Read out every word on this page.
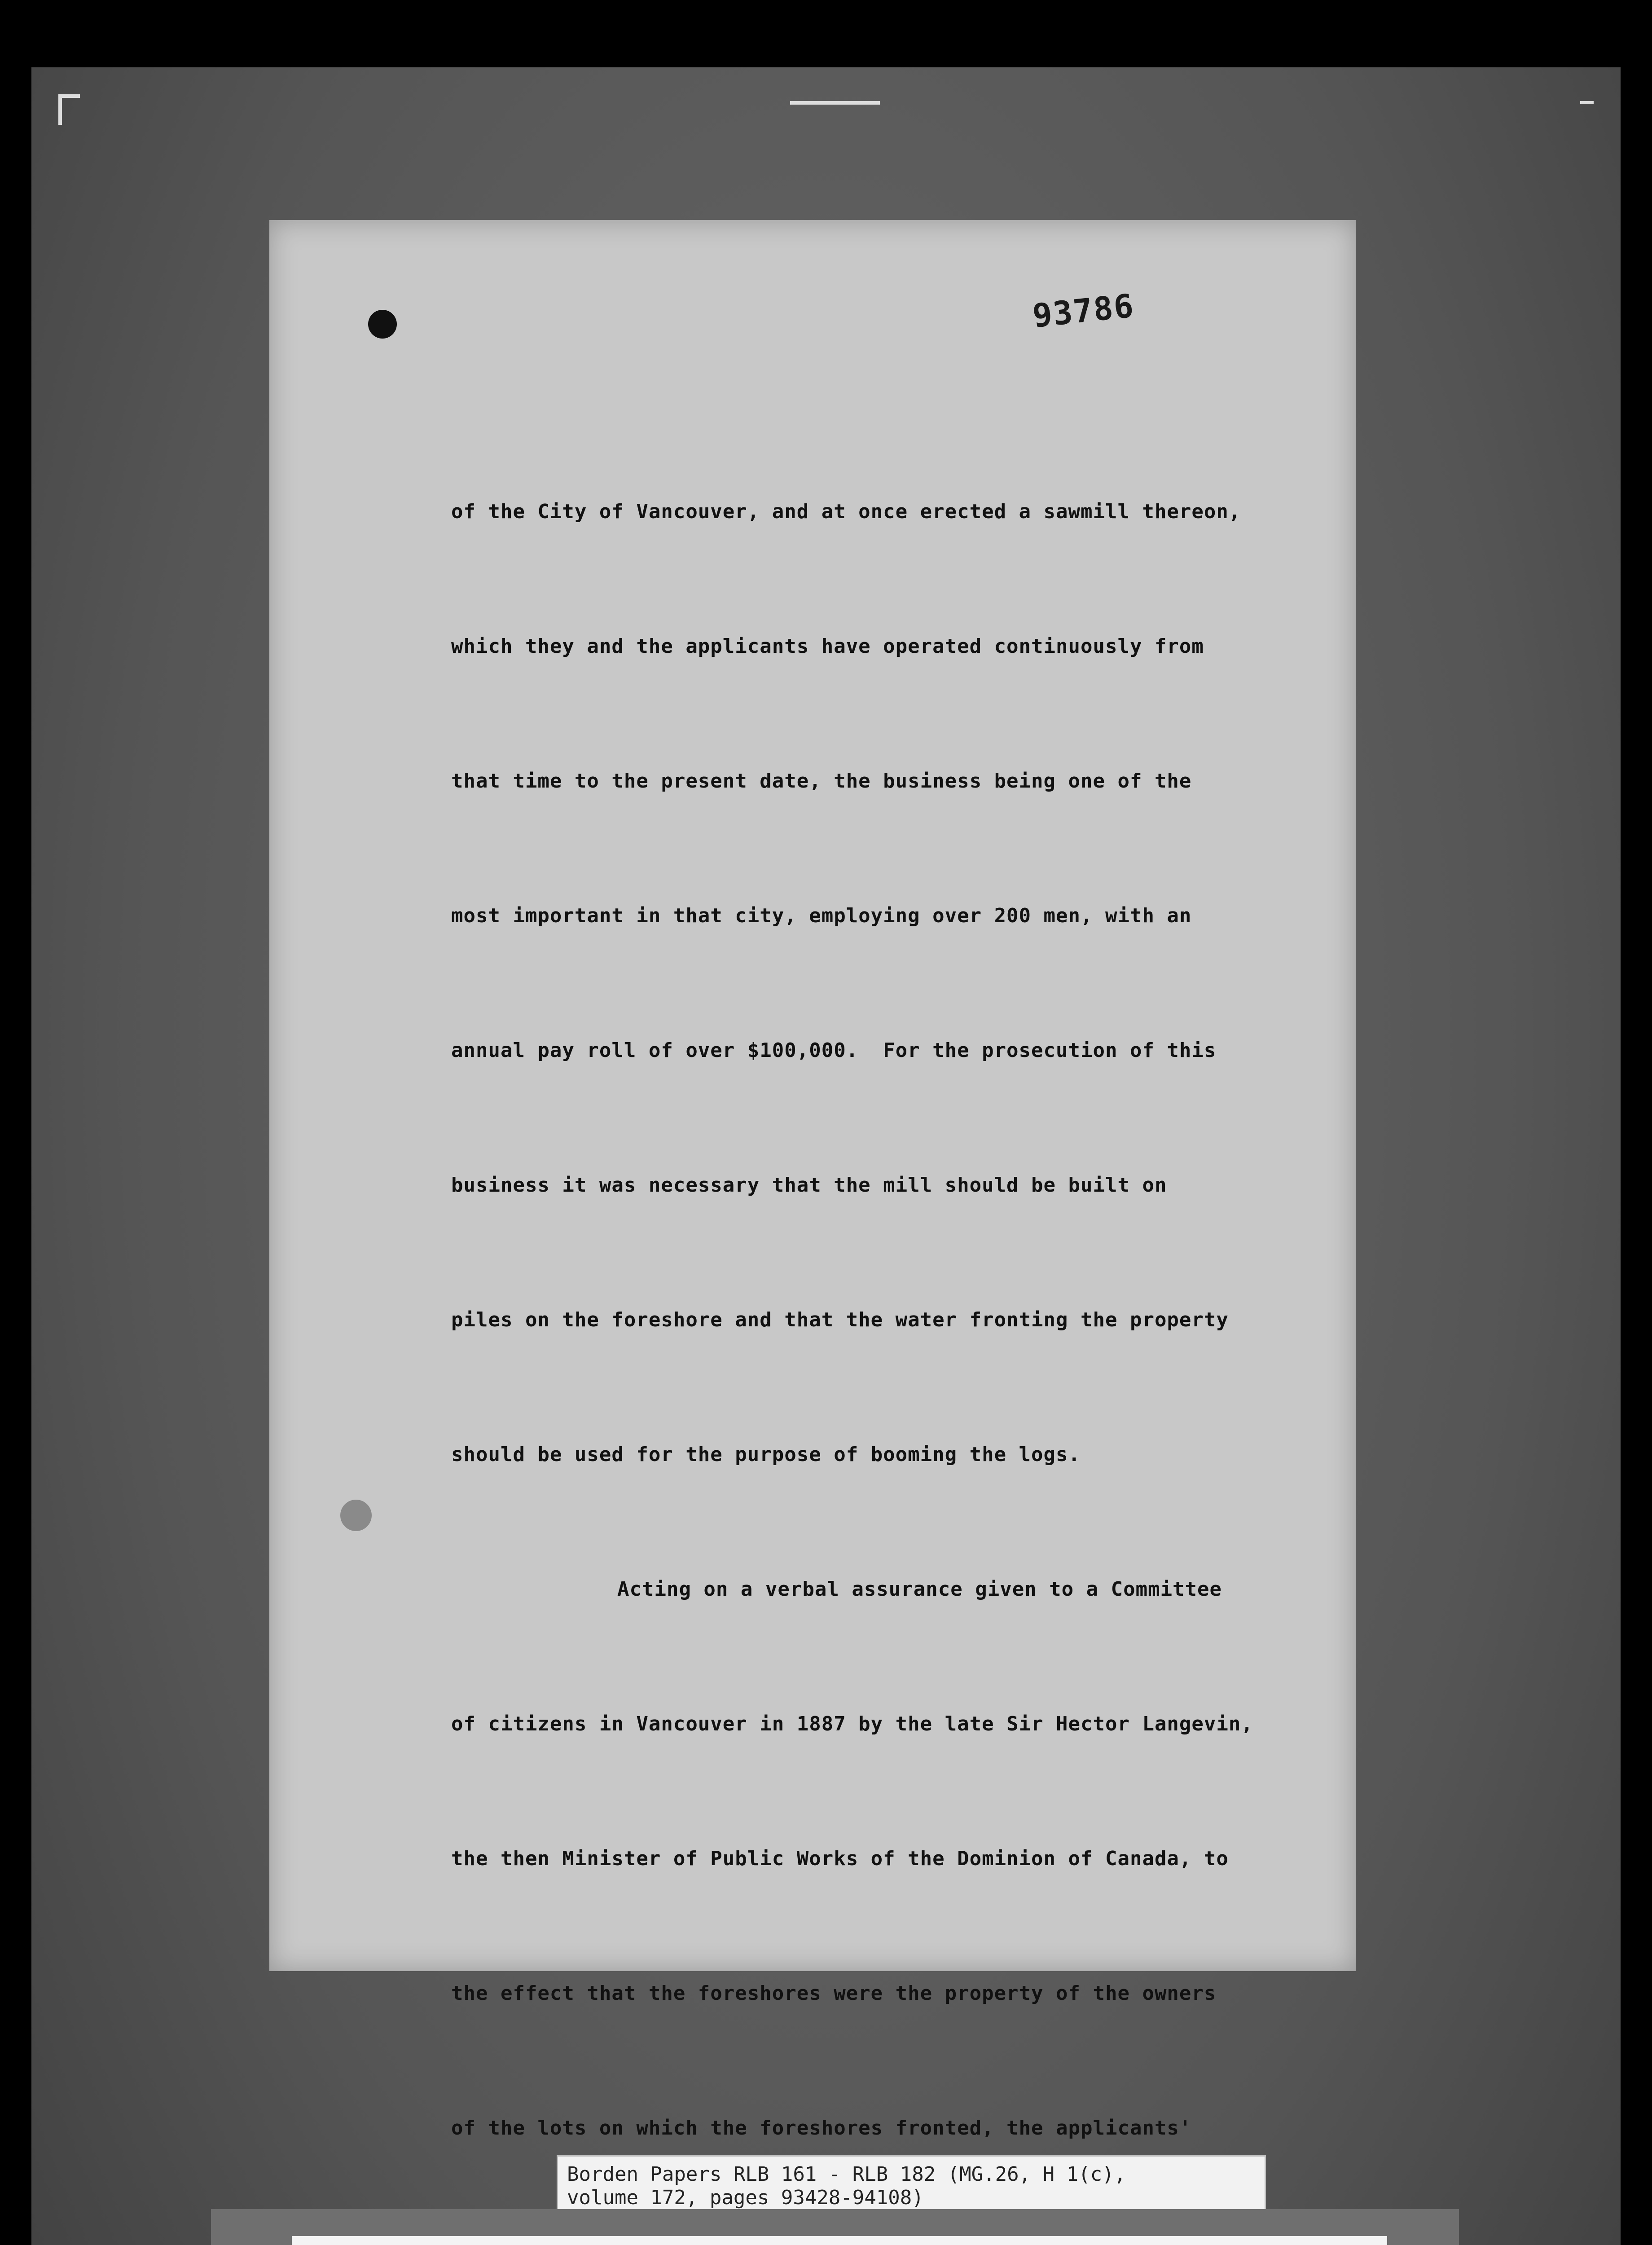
93786

of the City of Vancouver, and at once erected a sawmill thereon,

which they and the applicants have operated continuously from

that time to the present date, the business being one of the

most important in that city, employing over 200 men, with an

annual pay roll of over $100,000.  For the prosecution of this

business it was necessary that the mill should be built on

piles on the foreshore and that the water fronting the property

should be used for the purpose of booming the logs.

Acting on a verbal assurance given to a Committee

of citizens in Vancouver in 1887 by the late Sir Hector Langevin,

the then Minister of Public Works of the Dominion of Canada, to

the effect that the foreshores were the property of the owners

of the lots on which the foreshores fronted, the applicants'

Borden Papers RLB 161 - RLB 182 (MG.26, H 1(c),
volume 172, pages 93428-94108)
